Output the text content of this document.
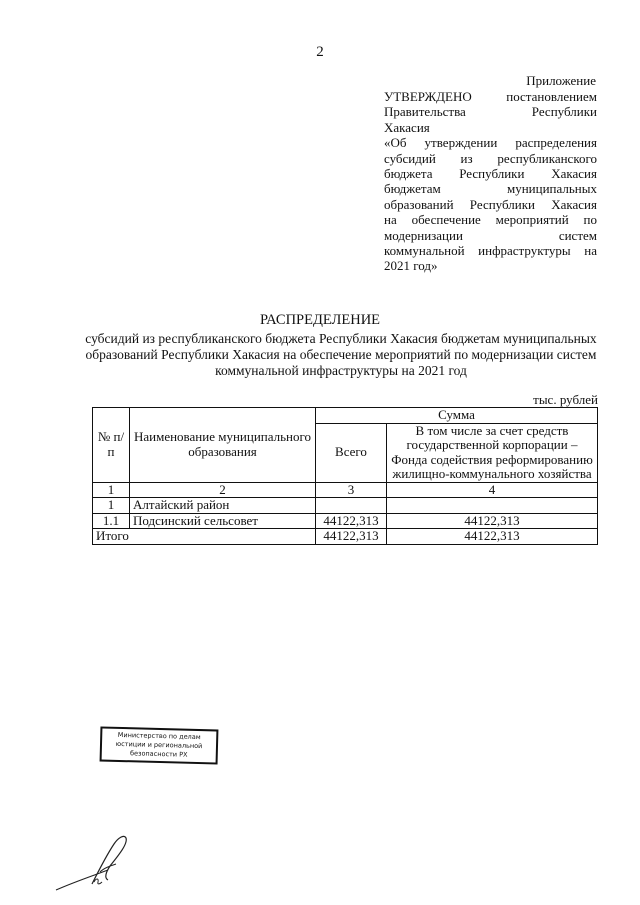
2
Приложение

УТВЕРЖДЕНО постановлением

Правительства Республики

Хакасия

«Об утверждении распределения

субсидий из республиканского

бюджета Республики Хакасия

бюджетам муниципальных

образований Республики Хакасия

на обеспечение мероприятий по

модернизации систем

коммунальной инфраструктуры на

2021 год»

РАСПРЕДЕЛЕНИЕ
субсидий из республиканского бюджета Республики Хакасия бюджетам муниципальных образований Республики Хакасия на обеспечение мероприятий по модернизации систем коммунальной инфраструктуры на 2021 год
тыс. рублей
№ п/п	Наименование муниципального образования	Сумма	
		Всего	В том числе за счет средств государственной корпорации – Фонда содействия реформированию жилищно-коммунального хозяйства
1	2	3	4
1	Алтайский район		
1.1	Подсинский сельсовет	44122,313	44122,313
Итого		44122,313	44122,313
Министерство по делам
юстиции и региональной
безопасности РХ
